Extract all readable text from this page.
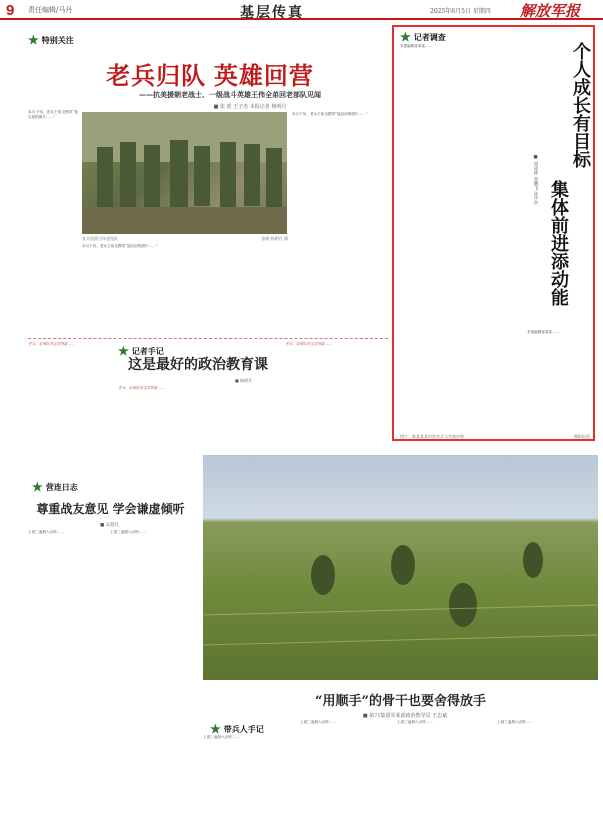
9 责任编辑/马丹	基层传真	2025年6月5日 星期四 解放军报
★ 特别关注
老兵归队 英雄回营
——抗美援朝老战士、一级战斗英雄王伟全弟回老部队见闻
■ 张 震 王子杰 本报记者 杨明月
本月下旬，老兵王伟全携带“他以前的照片……”
宣兵回到当年老连队	张晓 杨明月 摄
本月下旬，老兵王伟全携带“他以前的照片……”
本月下旬，老兵王伟全携带“他以前的照片……”
老兵，是部队的宝贵财富……	★ 记者手记
这是最好的政治教育课
■ 杨明月
老兵，是部队的宝贵财富……
老兵，是部队的宝贵财富……
★ 记者调查
个人成长有目标
集体前进添动能
■ 胡成林 宋鹏飞 孙学亭
本报编辑部某某……
本报编辑部某某……
图片：陈某某某经验官兵与军旅作物	摄影报道
★ 营连日志
尊重战友意见 学会谦虚倾听
■ 吴超凡
上周三凌晨六点钟……	上周三凌晨六点钟……
“用顺手”的骨干也要舍得放手
■ 第71集团军某部政治教导员 王志斌
★ 带兵人手记
上周三凌晨六点钟……
上周三凌晨六点钟……	上周三凌晨六点钟……	上周三凌晨六点钟……
